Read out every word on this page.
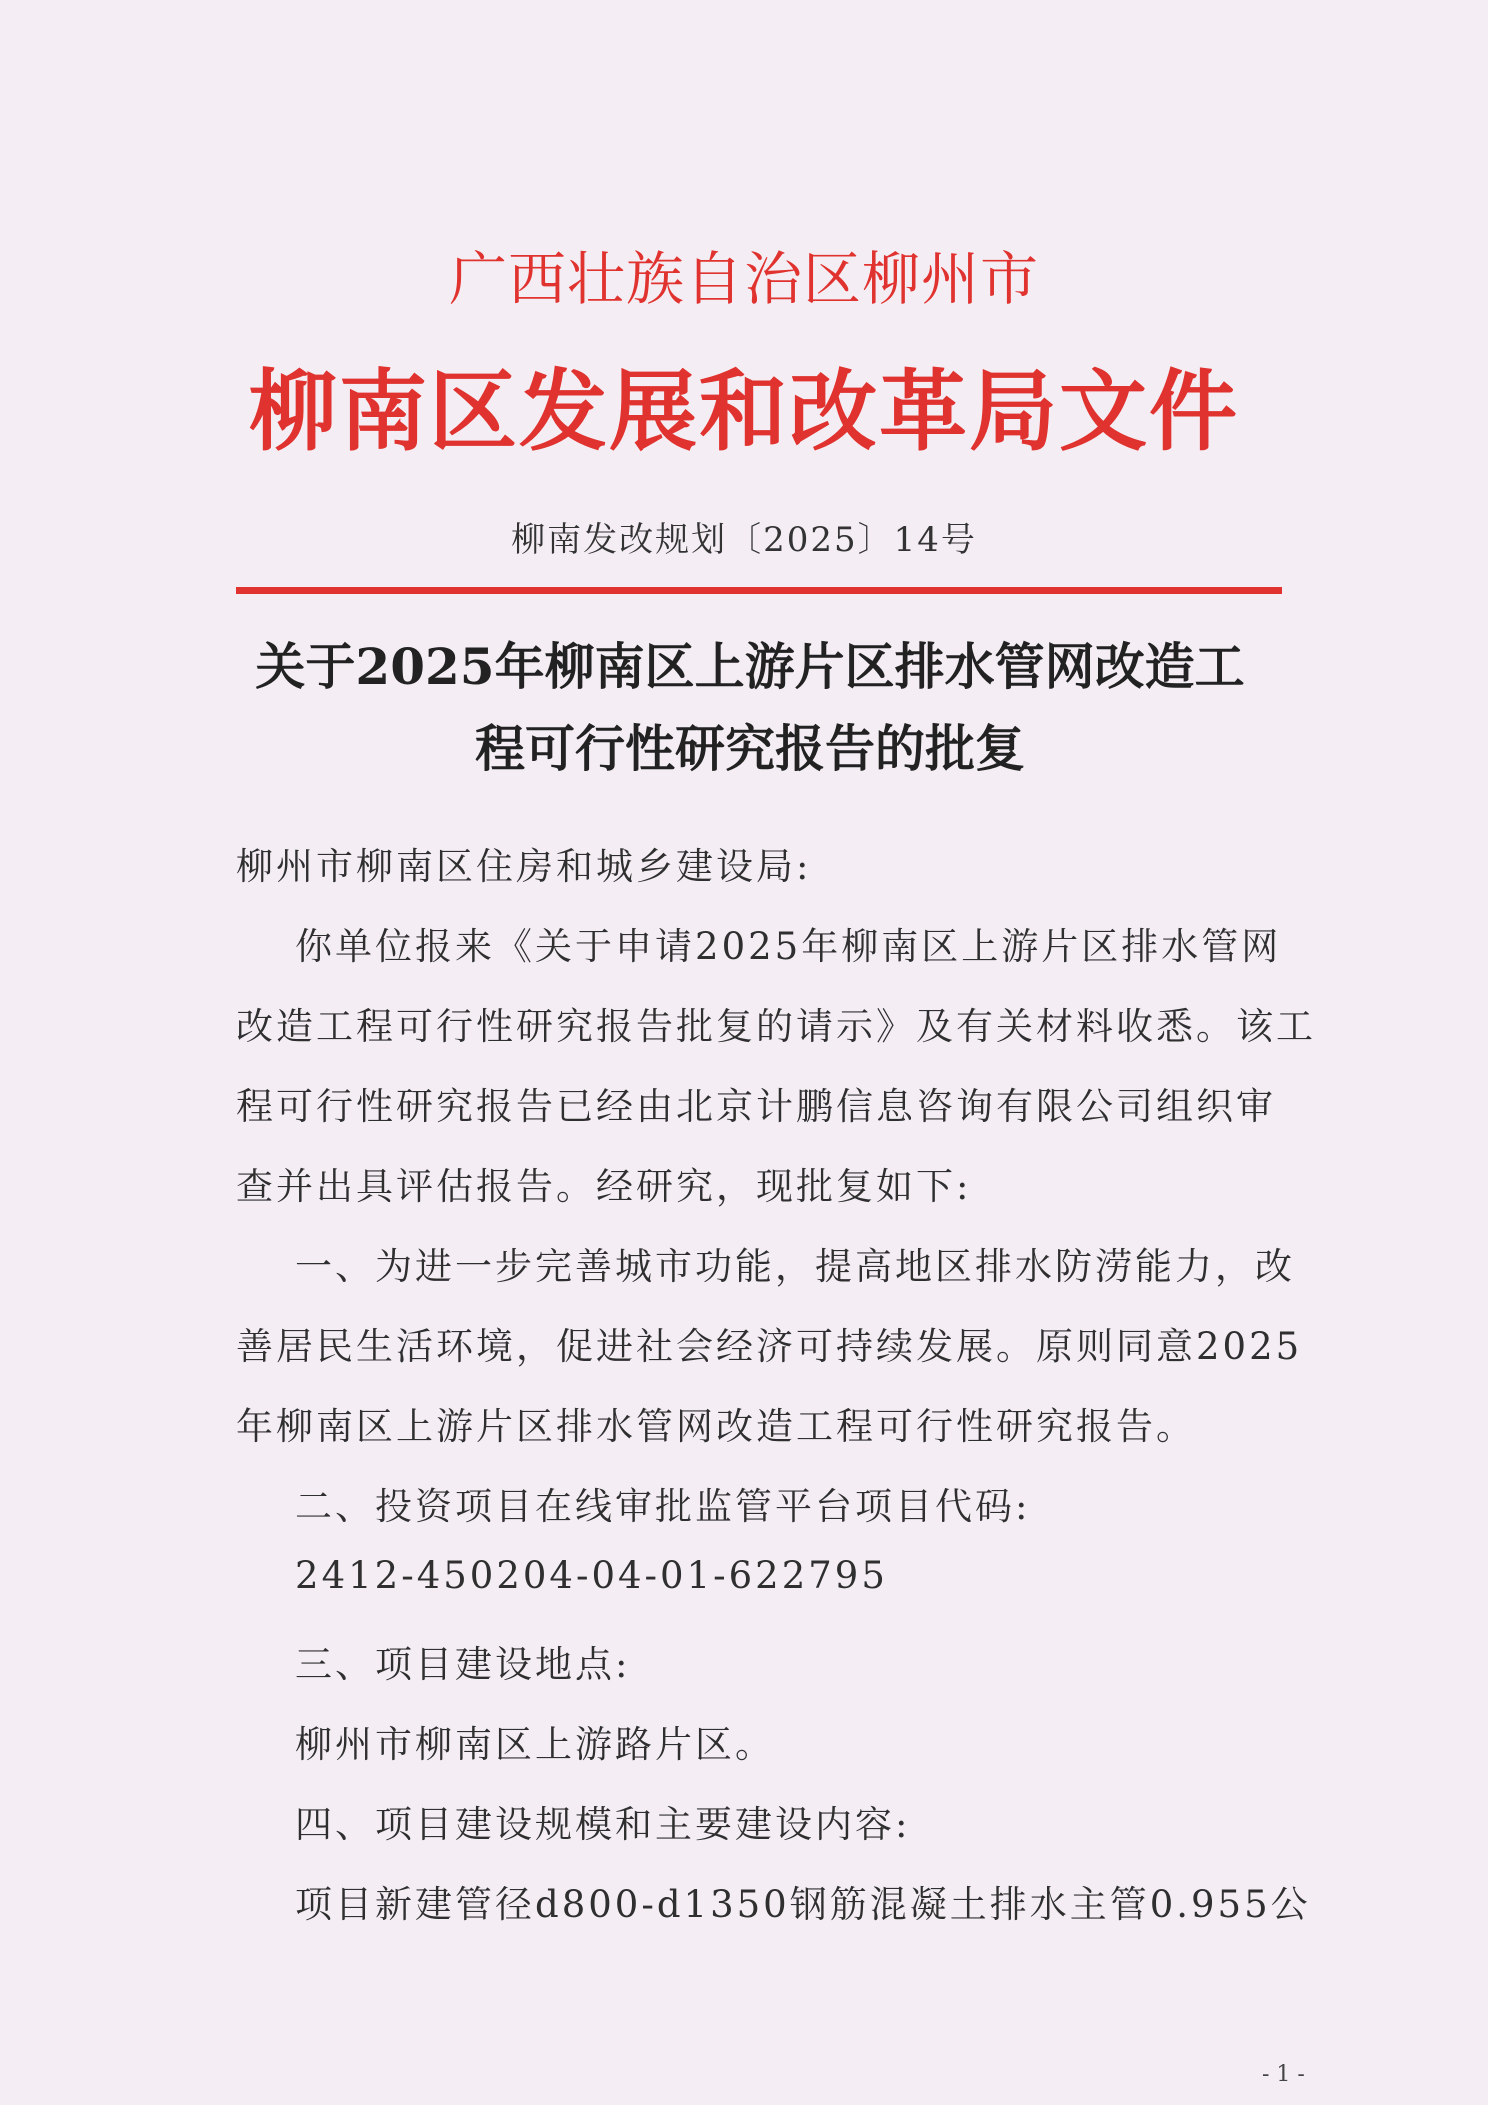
广西壮族自治区柳州市
柳南区发展和改革局文件
柳南发改规划〔2025〕14号
关于2025年柳南区上游片区排水管网改造工
程可行性研究报告的批复
柳州市柳南区住房和城乡建设局:
你单位报来《关于申请2025年柳南区上游片区排水管网
改造工程可行性研究报告批复的请示》及有关材料收悉。该工
程可行性研究报告已经由北京计鹏信息咨询有限公司组织审
查并出具评估报告。经研究，现批复如下:
一、为进一步完善城市功能，提高地区排水防涝能力，改
善居民生活环境，促进社会经济可持续发展。原则同意2025
年柳南区上游片区排水管网改造工程可行性研究报告。
二、投资项目在线审批监管平台项目代码:
2412-450204-04-01-622795
三、项目建设地点:
柳州市柳南区上游路片区。
四、项目建设规模和主要建设内容:
项目新建管径d800-d1350钢筋混凝土排水主管0.955公
- 1 -
